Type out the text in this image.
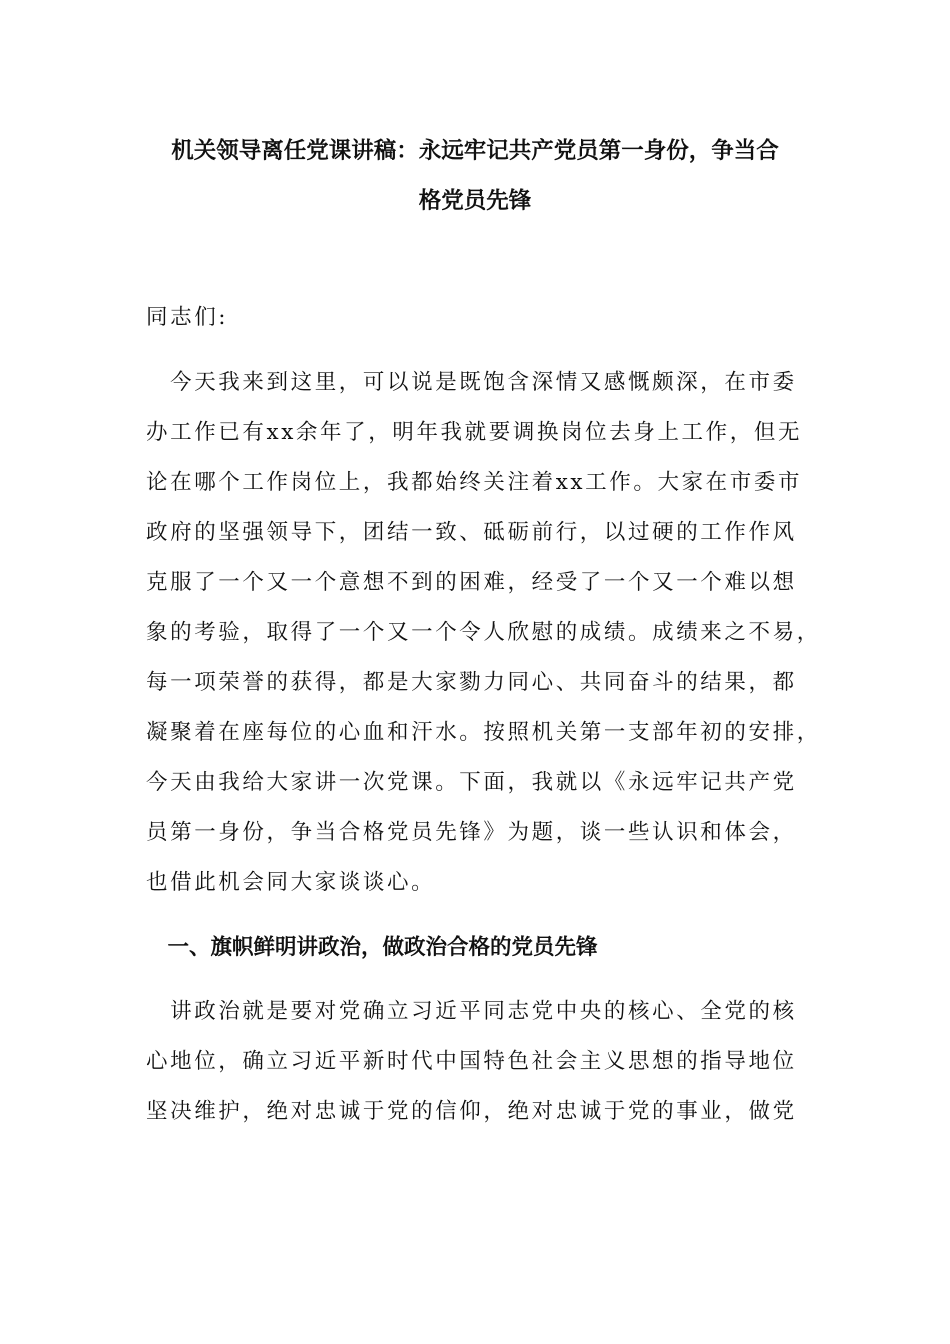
机关领导离任党课讲稿：永远牢记共产党员第一身份，争当合
格党员先锋

同志们:

　今天我来到这里，可以说是既饱含深情又感慨颇深，在市委

办工作已有xx余年了，明年我就要调换岗位去身上工作，但无

论在哪个工作岗位上，我都始终关注着xx工作。大家在市委市

政府的坚强领导下，团结一致、砥砺前行，以过硬的工作作风

克服了一个又一个意想不到的困难，经受了一个又一个难以想

象的考验，取得了一个又一个令人欣慰的成绩。成绩来之不易，

每一项荣誉的获得，都是大家勠力同心、共同奋斗的结果，都

凝聚着在座每位的心血和汗水。按照机关第一支部年初的安排，

今天由我给大家讲一次党课。下面，我就以《永远牢记共产党

员第一身份，争当合格党员先锋》为题，谈一些认识和体会，

也借此机会同大家谈谈心。

　一、旗帜鲜明讲政治，做政治合格的党员先锋

　讲政治就是要对党确立习近平同志党中央的核心、全党的核

心地位，确立习近平新时代中国特色社会主义思想的指导地位

坚决维护，绝对忠诚于党的信仰，绝对忠诚于党的事业，做党
